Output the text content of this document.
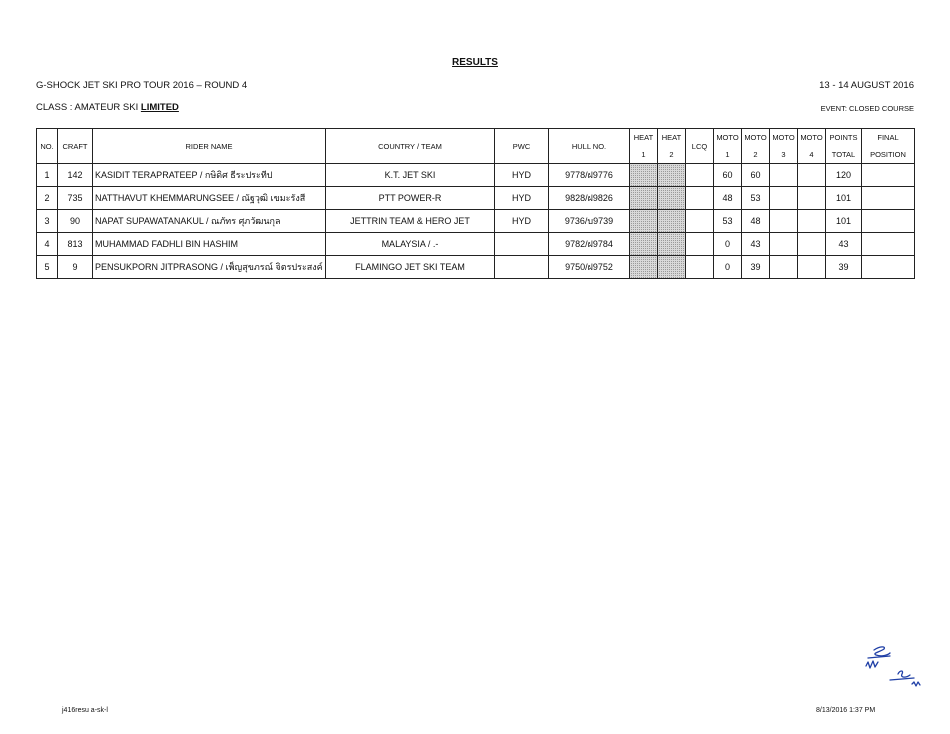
RESULTS
G-SHOCK JET SKI PRO TOUR 2016 – ROUND 4	13 - 14 AUGUST 2016
CLASS : AMATEUR SKI LIMITED	EVENT: CLOSED COURSE
NO.	CRAFT	RIDER NAME	COUNTRY / TEAM	PWC	HULL NO.	HEAT	HEAT	LCQ	MOTO	MOTO	MOTO	MOTO	POINTS	FINAL
						1	2		1	2	3	4	TOTAL	POSITION
1	142	KASIDIT TERAPRATEEP / กษิดิศ ธีระประทีป	K.T. JET SKI	HYD	9778/ฝ9776				60	60			120	
2	735	NATTHAVUT KHEMMARUNGSEE / ณัฐวุฒิ เขมะรังสี	PTT POWER-R	HYD	9828/ฝ9826				48	53			101	
3	90	NAPAT SUPAWATANAKUL / ณภัทร ศุภวัฒนกุล	JETTRIN TEAM & HERO JET	HYD	9736/บ9739				53	48			101	
4	813	MUHAMMAD FADHLI BIN HASHIM	MALAYSIA / .-		9782/ฝ9784				0	43			43	
5	9	PENSUKPORN JITPRASONG / เพ็ญสุขภรณ์ จิตรประสงค์	FLAMINGO JET SKI TEAM		9750/ฝ9752				0	39			39	
j416resu a-sk-l	8/13/2016 1:37 PM
